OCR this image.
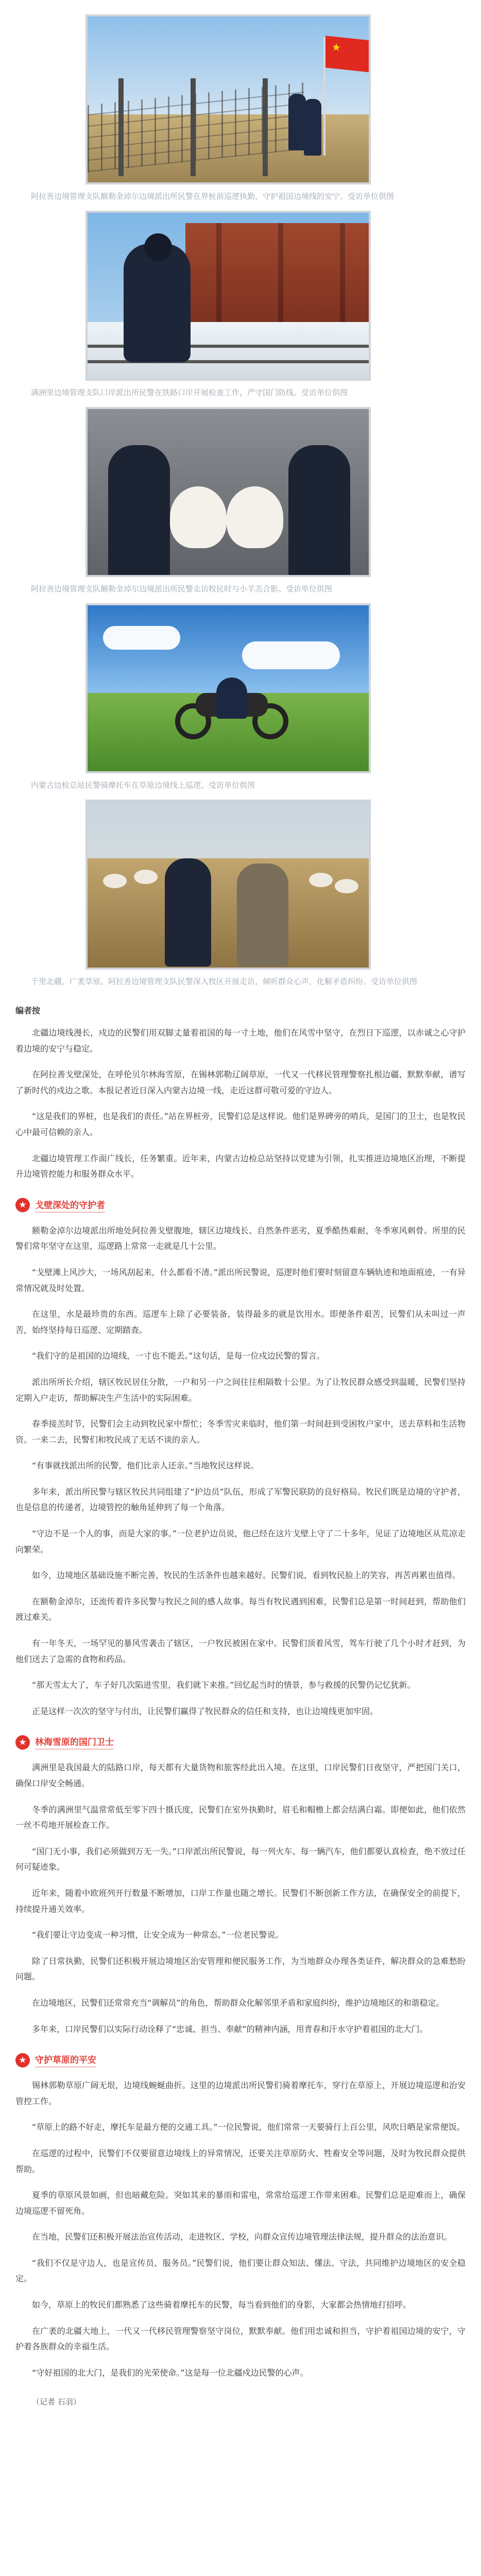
★
阿拉善边境管理支队额勒金淖尔边境派出所民警在界桩前巡逻执勤，守护祖国边境线的安宁。受访单位供图
满洲里边境管理支队口岸派出所民警在铁路口岸开展检查工作，严守国门防线。受访单位供图
阿拉善边境管理支队额勒金淖尔边境派出所民警走访牧民时与小羊羔合影。受访单位供图
内蒙古边检总站民警骑摩托车在草原边境线上巡逻。受访单位供图
千里北疆，广袤草原。阿拉善边境管理支队民警深入牧区开展走访，倾听群众心声，化解矛盾纠纷。受访单位供图
编者按

北疆边境线漫长，戍边的民警们用双脚丈量着祖国的每一寸土地，他们在风雪中坚守，在烈日下巡逻，以赤诚之心守护着边境的安宁与稳定。

在阿拉善戈壁深处，在呼伦贝尔林海雪原，在锡林郭勒辽阔草原，一代又一代移民管理警察扎根边疆、默默奉献，谱写了新时代的戍边之歌。本报记者近日深入内蒙古边境一线，走近这群可敬可爱的守边人。

“这是我们的界桩，也是我们的责任。”站在界桩旁，民警们总是这样说。他们是界碑旁的哨兵，是国门的卫士，也是牧民心中最可信赖的亲人。

北疆边境管理工作面广线长，任务繁重。近年来，内蒙古边检总站坚持以党建为引领，扎实推进边境地区治理，不断提升边境管控能力和服务群众水平。

★ 戈壁深处的守护者

额勒金淖尔边境派出所地处阿拉善戈壁腹地，辖区边境线长、自然条件恶劣，夏季酷热难耐，冬季寒风刺骨。所里的民警们常年坚守在这里，巡逻路上常常一走就是几十公里。

“戈壁滩上风沙大，一场风刮起来，什么都看不清。”派出所民警说，巡逻时他们要时刻留意车辆轨迹和地面痕迹，一有异常情况就及时处置。

在这里，水是最珍贵的东西。巡逻车上除了必要装备，装得最多的就是饮用水。即便条件艰苦，民警们从未叫过一声苦，始终坚持每日巡逻、定期踏查。

“我们守的是祖国的边境线，一寸也不能丢。”这句话，是每一位戍边民警的誓言。

派出所所长介绍，辖区牧民居住分散，一户和另一户之间往往相隔数十公里。为了让牧民群众感受到温暖，民警们坚持定期入户走访，帮助解决生产生活中的实际困难。

春季接羔时节，民警们会主动到牧民家中帮忙；冬季雪灾来临时，他们第一时间赶到受困牧户家中，送去草料和生活物资。一来二去，民警们和牧民成了无话不谈的亲人。

“有事就找派出所的民警，他们比亲人还亲。”当地牧民这样说。

多年来，派出所民警与辖区牧民共同组建了“护边员”队伍，形成了军警民联防的良好格局。牧民们既是边境的守护者，也是信息的传递者，边境管控的触角延伸到了每一个角落。

“守边不是一个人的事，而是大家的事。”一位老护边员说，他已经在这片戈壁上守了二十多年，见证了边境地区从荒凉走向繁荣。

如今，边境地区基础设施不断完善，牧民的生活条件也越来越好。民警们说，看到牧民脸上的笑容，再苦再累也值得。

在额勒金淖尔，还流传着许多民警与牧民之间的感人故事。每当有牧民遇到困难，民警们总是第一时间赶到，帮助他们渡过难关。

有一年冬天，一场罕见的暴风雪袭击了辖区，一户牧民被困在家中。民警们顶着风雪，驾车行驶了几个小时才赶到，为他们送去了急需的食物和药品。

“那天雪太大了，车子好几次陷进雪里，我们就下来推。”回忆起当时的情景，参与救援的民警仍记忆犹新。

正是这样一次次的坚守与付出，让民警们赢得了牧民群众的信任和支持，也让边境线更加牢固。

★ 林海雪原的国门卫士

满洲里是我国最大的陆路口岸，每天都有大量货物和旅客经此出入境。在这里，口岸民警们日夜坚守，严把国门关口，确保口岸安全畅通。

冬季的满洲里气温常常低至零下四十摄氏度，民警们在室外执勤时，眉毛和帽檐上都会结满白霜。即便如此，他们依然一丝不苟地开展检查工作。

“国门无小事，我们必须做到万无一失。”口岸派出所民警说，每一列火车、每一辆汽车，他们都要认真检查，绝不放过任何可疑迹象。

近年来，随着中欧班列开行数量不断增加，口岸工作量也随之增长。民警们不断创新工作方法，在确保安全的前提下，持续提升通关效率。

“我们要让守边变成一种习惯，让安全成为一种常态。”一位老民警说。

除了日常执勤，民警们还积极开展边境地区治安管理和便民服务工作，为当地群众办理各类证件，解决群众的急难愁盼问题。

在边境地区，民警们还常常充当“调解员”的角色，帮助群众化解邻里矛盾和家庭纠纷，维护边境地区的和谐稳定。

多年来，口岸民警们以实际行动诠释了“忠诚、担当、奉献”的精神内涵，用青春和汗水守护着祖国的北大门。

★ 守护草原的平安

锡林郭勒草原广阔无垠，边境线蜿蜒曲折。这里的边境派出所民警们骑着摩托车，穿行在草原上，开展边境巡逻和治安管控工作。

“草原上的路不好走，摩托车是最方便的交通工具。”一位民警说，他们常常一天要骑行上百公里，风吹日晒是家常便饭。

在巡逻的过程中，民警们不仅要留意边境线上的异常情况，还要关注草原防火、牲畜安全等问题，及时为牧民群众提供帮助。

夏季的草原风景如画，但也暗藏危险。突如其来的暴雨和雷电，常常给巡逻工作带来困难。民警们总是迎难而上，确保边境巡逻不留死角。

在当地，民警们还积极开展法治宣传活动，走进牧区、学校，向群众宣传边境管理法律法规，提升群众的法治意识。

“我们不仅是守边人，也是宣传员、服务员。”民警们说，他们要让群众知法、懂法、守法，共同维护边境地区的安全稳定。

如今，草原上的牧民们都熟悉了这些骑着摩托车的民警，每当看到他们的身影，大家都会热情地打招呼。

在广袤的北疆大地上，一代又一代移民管理警察坚守岗位，默默奉献。他们用忠诚和担当，守护着祖国边境的安宁，守护着各族群众的幸福生活。

“守好祖国的北大门，是我们的光荣使命。”这是每一位北疆戍边民警的心声。

（记者 石羽）
